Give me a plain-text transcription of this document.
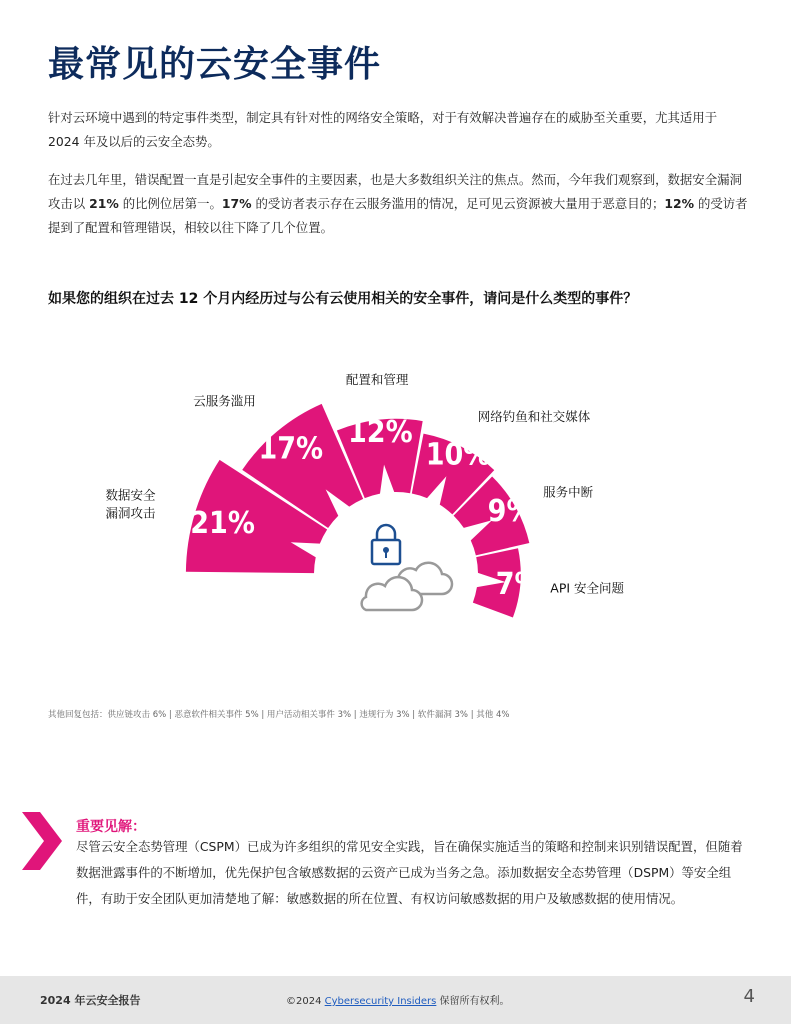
最常见的云安全事件
针对云环境中遇到的特定事件类型，制定具有针对性的网络安全策略，对于有效解决普遍存在的威胁至关重要，尤其适用于 2024 年及以后的云安全态势。
在过去几年里，错误配置一直是引起安全事件的主要因素，也是大多数组织关注的焦点。然而，今年我们观察到，数据安全漏洞攻击以 21% 的比例位居第一。17% 的受访者表示存在云服务滥用的情况，足可见云资源被大量用于恶意目的；12% 的受访者提到了配置和管理错误，相较以往下降了几个位置。
如果您的组织在过去 12 个月内经历过与公有云使用相关的安全事件，请问是什么类型的事件？
21%
17% 12%
10%
9%
7%
数据安全漏洞攻击
云服务滥用
配置和管理
网络钓鱼和社交媒体
服务中断
API 安全问题
其他回复包括：供应链攻击 6% | 恶意软件相关事件 5% | 用户活动相关事件 3% | 违规行为 3% | 软件漏洞 3% | 其他 4%
重要见解：
尽管云安全态势管理（CSPM）已成为许多组织的常见安全实践，旨在确保实施适当的策略和控制来识别错误配置，但随着数据泄露事件的不断增加，优先保护包含敏感数据的云资产已成为当务之急。添加数据安全态势管理（DSPM）等安全组件，有助于安全团队更加清楚地了解：敏感数据的所在位置、有权访问敏感数据的用户及敏感数据的使用情况。
2024 年云安全报告	©2024 Cybersecurity Insiders 保留所有权利。	4
